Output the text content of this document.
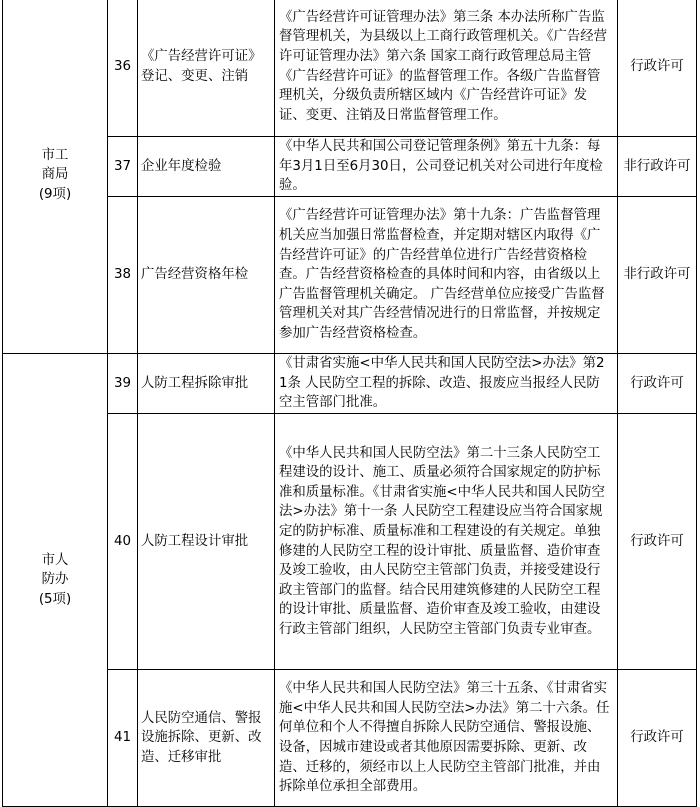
市工
商局
(9项)	36	《广告经营许可证》登记、变更、注销	《广告经营许可证管理办法》第三条 本办法所称广告监督管理机关，为县级以上工商行政管理机关。《广告经营许可证管理办法》第六条 国家工商行政管理总局主管《广告经营许可证》的监督管理工作。各级广告监督管理机关，分级负责所辖区域内《广告经营许可证》发证、变更、注销及日常监督管理工作。	行政许可
	37	企业年度检验	《中华人民共和国公司登记管理条例》第五十九条：每年3月1日至6月30日，公司登记机关对公司进行年度检验。	非行政许可
	38	广告经营资格年检	《广告经营许可证管理办法》第十九条：广告监督管理机关应当加强日常监督检查，并定期对辖区内取得《广告经营许可证》的广告经营单位进行广告经营资格检查。广告经营资格检查的具体时间和内容，由省级以上广告监督管理机关确定。 广告经营单位应接受广告监督管理机关对其广告经营情况进行的日常监督，并按规定参加广告经营资格检查。	非行政许可
市人
防办
(5项)	39	人防工程拆除审批	《甘肃省实施<中华人民共和国人民防空法>办法》第21条 人民防空工程的拆除、改造、报废应当报经人民防空主管部门批准。	行政许可
	40	人防工程设计审批	《中华人民共和国人民防空法》第二十三条人民防空工程建设的设计、施工、质量必须符合国家规定的防护标准和质量标准。《甘肃省实施<中华人民共和国人民防空法>办法》第十一条 人民防空工程建设应当符合国家规定的防护标准、质量标准和工程建设的有关规定。单独修建的人民防空工程的设计审批、质量监督、造价审查及竣工验收，由人民防空主管部门负责，并接受建设行政主管部门的监督。结合民用建筑修建的人民防空工程的设计审批、质量监督、造价审查及竣工验收，由建设行政主管部门组织，人民防空主管部门负责专业审查。	行政许可
	41	人民防空通信、警报设施拆除、更新、改造、迁移审批	《中华人民共和国人民防空法》第三十五条、《甘肃省实施<中华人民共和国人民防空法>办法》第二十六条。任何单位和个人不得擅自拆除人民防空通信、警报设施、设备，因城市建设或者其他原因需要拆除、更新、改造、迁移的，须经市以上人民防空主管部门批准，并由拆除单位承担全部费用。	行政许可
